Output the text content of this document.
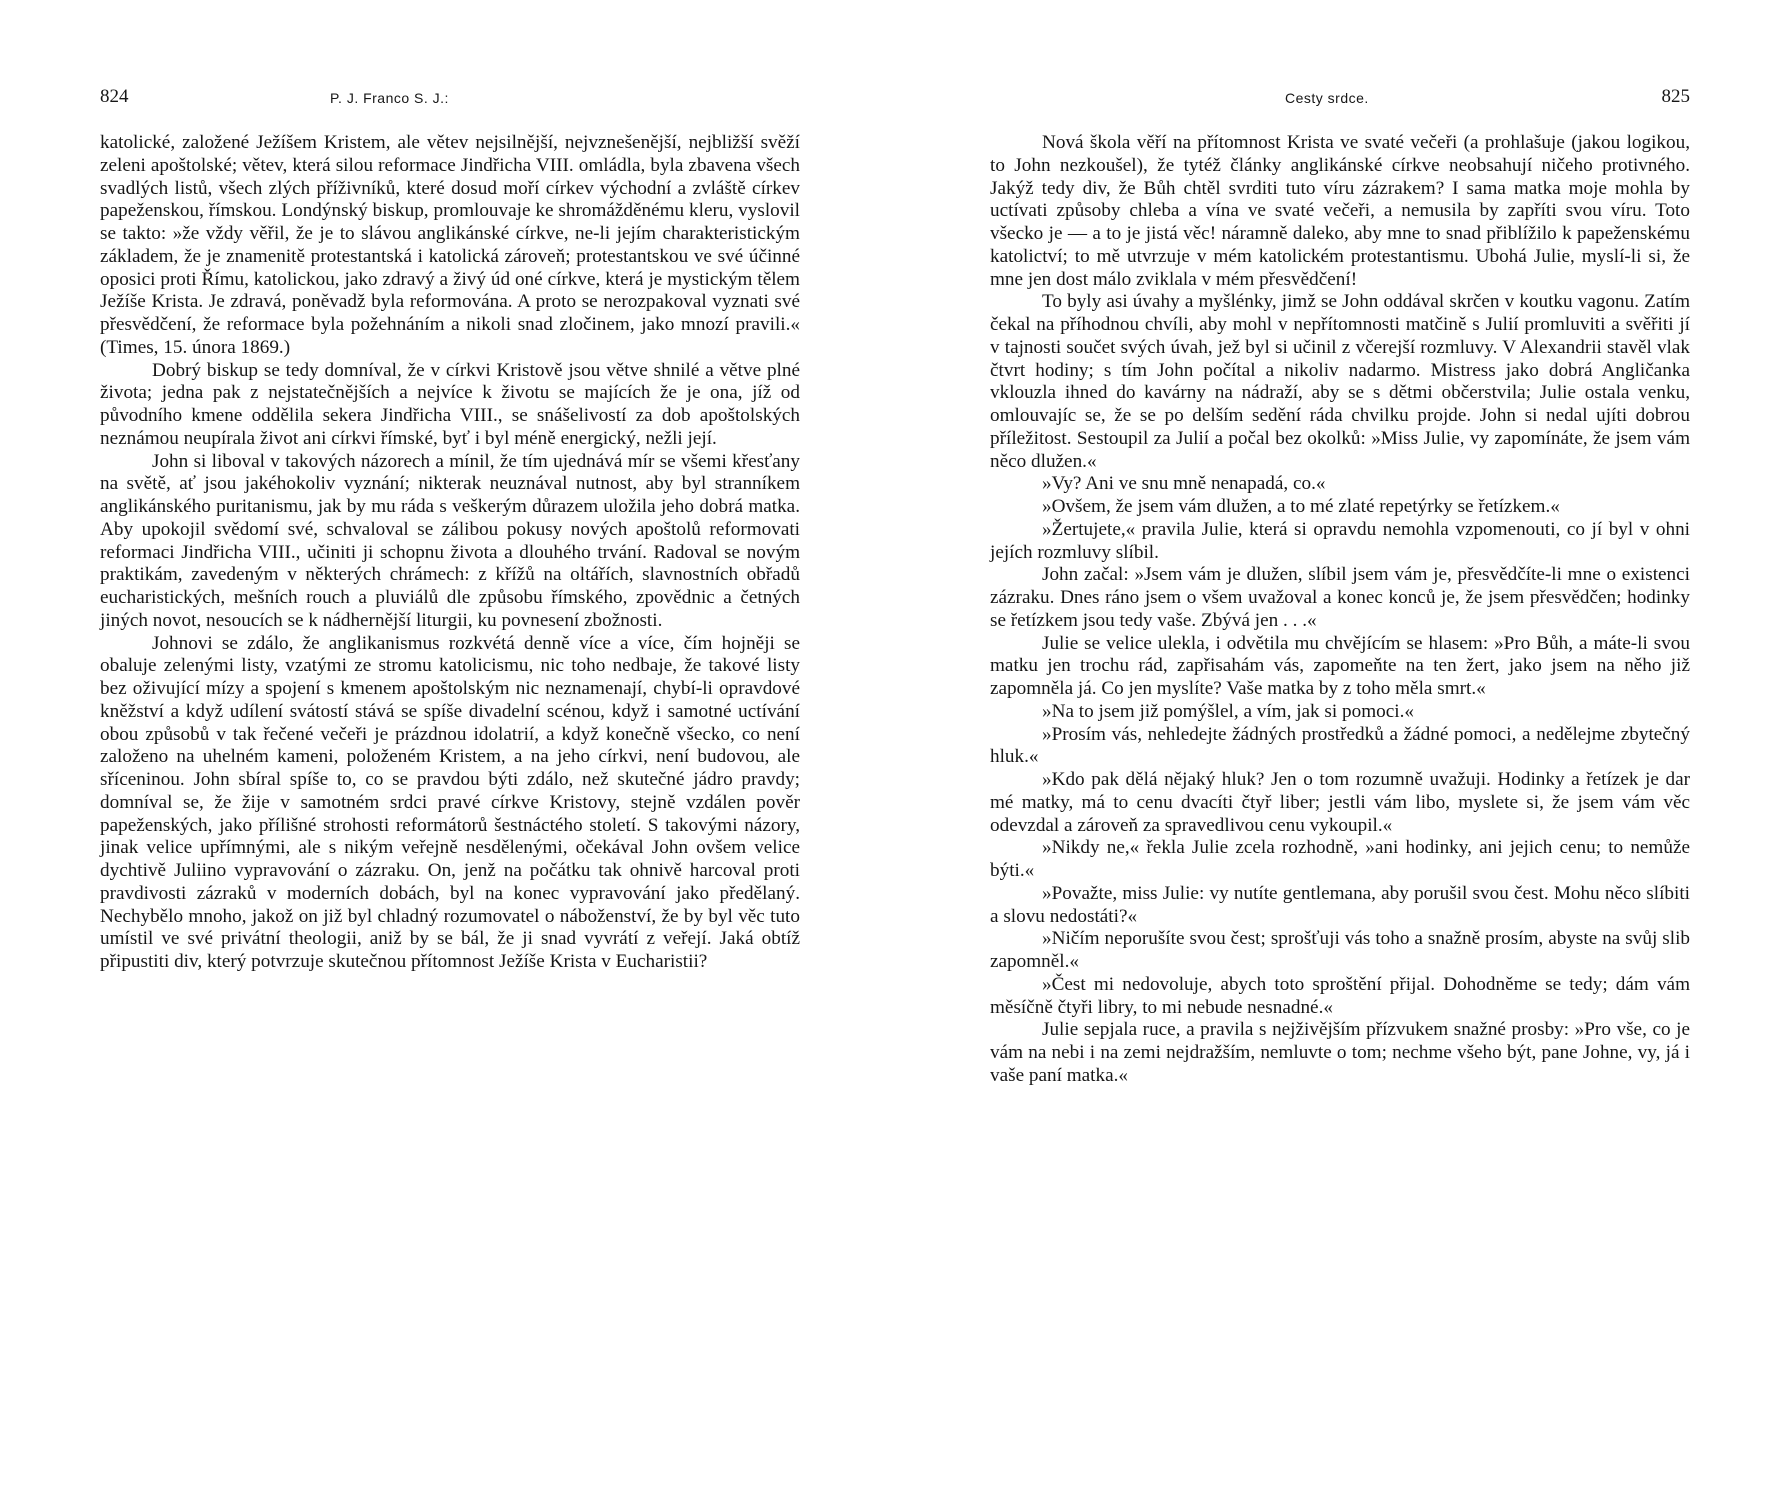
824	P. J. Franco S. J.:

katolické, založené Ježíšem Kristem, ale větev nejsilnější, nejvznešenější, nejbližší svěží zeleni apoštolské; větev, která silou reformace Jindřicha VIII. omládla, byla zbavena všech svadlých listů, všech zlých příživníků, které dosud moří církev východní a zvláště církev papeženskou, římskou. Londýnský biskup, promlouvaje ke shromážděnému kleru, vyslovil se takto: »že vždy věřil, že je to slávou anglikánské církve, ne-li jejím charakteristickým základem, že je znamenitě protestantská i katolická zároveň; protestantskou ve své účinné oposici proti Římu, katolickou, jako zdravý a živý úd oné církve, která je mystickým tělem Ježíše Krista. Je zdravá, poněvadž byla reformována. A proto se nerozpakoval vyznati své přesvědčení, že reformace byla požehnáním a nikoli snad zločinem, jako mnozí pravili.« (Times, 15. února 1869.)

Dobrý biskup se tedy domníval, že v církvi Kristově jsou větve shnilé a větve plné života; jedna pak z nejstatečnějších a nejvíce k životu se majících že je ona, jíž od původního kmene oddělila sekera Jindřicha VIII., se snášelivostí za dob apoštolských neznámou neupírala život ani církvi římské, byť i byl méně energický, nežli její.

John si liboval v takových názorech a mínil, že tím ujednává mír se všemi křesťany na světě, ať jsou jakéhokoliv vyznání; nikterak neuznával nutnost, aby byl stranníkem anglikánského puritanismu, jak by mu ráda s veškerým důrazem uložila jeho dobrá matka. Aby upokojil svědomí své, schvaloval se zálibou pokusy nových apoštolů reformovati reformaci Jindřicha VIII., učiniti ji schopnu života a dlouhého trvání. Radoval se novým praktikám, zavedeným v některých chrámech: z křížů na oltářích, slavnostních obřadů eucharistických, mešních rouch a pluviálů dle způsobu římského, zpovědnic a četných jiných novot, nesoucích se k nádhernější liturgii, ku povnesení zbožnosti.

Johnovi se zdálo, že anglikanismus rozkvétá denně více a více, čím hojněji se obaluje zelenými listy, vzatými ze stromu katolicismu, nic toho nedbaje, že takové listy bez oživující mízy a spojení s kmenem apoštolským nic neznamenají, chybí-li opravdové kněžství a když udílení svátostí stává se spíše divadelní scénou, když i samotné uctívání obou způsobů v tak řečené večeři je prázdnou idolatrií, a když konečně všecko, co není založeno na uhelném kameni, položeném Kristem, a na jeho církvi, není budovou, ale sříceninou. John sbíral spíše to, co se pravdou býti zdálo, než skutečné jádro pravdy; domníval se, že žije v samotném srdci pravé církve Kristovy, stejně vzdálen pověr papeženských, jako přílišné strohosti reformátorů šestnáctého století. S takovými názory, jinak velice upřímnými, ale s nikým veřejně nesdělenými, očekával John ovšem velice dychtivě Juliino vypravování o zázraku. On, jenž na počátku tak ohnivě harcoval proti pravdivosti zázraků v moderních dobách, byl na konec vypravování jako předělaný. Nechybělo mnoho, jakož on již byl chladný rozumovatel o náboženství, že by byl věc tuto umístil ve své privátní theologii, aniž by se bál, že ji snad vyvrátí z veřejí. Jaká obtíž připustiti div, který potvrzuje skutečnou přítomnost Ježíše Krista v Eucharistii?

Cesty srdce.	825

Nová škola věří na přítomnost Krista ve svaté večeři (a prohlašuje (jakou logikou, to John nezkoušel), že tytéž články anglikánské církve neobsahují ničeho protivného. Jakýž tedy div, že Bůh chtěl svrditi tuto víru zázrakem? I sama matka moje mohla by uctívati způsoby chleba a vína ve svaté večeři, a nemusila by zapříti svou víru. Toto všecko je — a to je jistá věc! náramně daleko, aby mne to snad přiblížilo k papeženskému katolictví; to mě utvrzuje v mém katolickém protestantismu. Ubohá Julie, myslí-li si, že mne jen dost málo zviklala v mém přesvědčení!

To byly asi úvahy a myšlénky, jimž se John oddával skrčen v koutku vagonu. Zatím čekal na příhodnou chvíli, aby mohl v nepřítomnosti matčině s Julií promluviti a svěřiti jí v tajnosti součet svých úvah, jež byl si učinil z včerejší rozmluvy. V Alexandrii stavěl vlak čtvrt hodiny; s tím John počítal a nikoliv nadarmo. Mistress jako dobrá Angličanka vklouzla ihned do kavárny na nádraží, aby se s dětmi občerstvila; Julie ostala venku, omlouvajíc se, že se po delším sedění ráda chvilku projde. John si nedal ujíti dobrou příležitost. Sestoupil za Julií a počal bez okolků: »Miss Julie, vy zapomínáte, že jsem vám něco dlužen.«

»Vy? Ani ve snu mně nenapadá, co.«

»Ovšem, že jsem vám dlužen, a to mé zlaté repetýrky se řetízkem.«

»Žertujete,« pravila Julie, která si opravdu nemohla vzpomenouti, co jí byl v ohni jejích rozmluvy slíbil.

John začal: »Jsem vám je dlužen, slíbil jsem vám je, přesvědčíte-li mne o existenci zázraku. Dnes ráno jsem o všem uvažoval a konec konců je, že jsem přesvědčen; hodinky se řetízkem jsou tedy vaše. Zbývá jen . . .«

Julie se velice ulekla, i odvětila mu chvějícím se hlasem: »Pro Bůh, a máte-li svou matku jen trochu rád, zapřisahám vás, zapomeňte na ten žert, jako jsem na něho již zapomněla já. Co jen myslíte? Vaše matka by z toho měla smrt.«

»Na to jsem již pomýšlel, a vím, jak si pomoci.«

»Prosím vás, nehledejte žádných prostředků a žádné pomoci, a nedělejme zbytečný hluk.«

»Kdo pak dělá nějaký hluk? Jen o tom rozumně uvažuji. Hodinky a řetízek je dar mé matky, má to cenu dvacíti čtyř liber; jestli vám libo, myslete si, že jsem vám věc odevzdal a zároveň za spravedlivou cenu vykoupil.«

»Nikdy ne,« řekla Julie zcela rozhodně, »ani hodinky, ani jejich cenu; to nemůže býti.«

»Považte, miss Julie: vy nutíte gentlemana, aby porušil svou čest. Mohu něco slíbiti a slovu nedostáti?«

»Ničím neporušíte svou čest; sprošťuji vás toho a snažně prosím, abyste na svůj slib zapomněl.«

»Čest mi nedovoluje, abych toto sproštění přijal. Dohodněme se tedy; dám vám měsíčně čtyři libry, to mi nebude nesnadné.«

Julie sepjala ruce, a pravila s nejživějším přízvukem snažné prosby: »Pro vše, co je vám na nebi i na zemi nejdražším, nemluvte o tom; nechme všeho být, pane Johne, vy, já i vaše paní matka.«
